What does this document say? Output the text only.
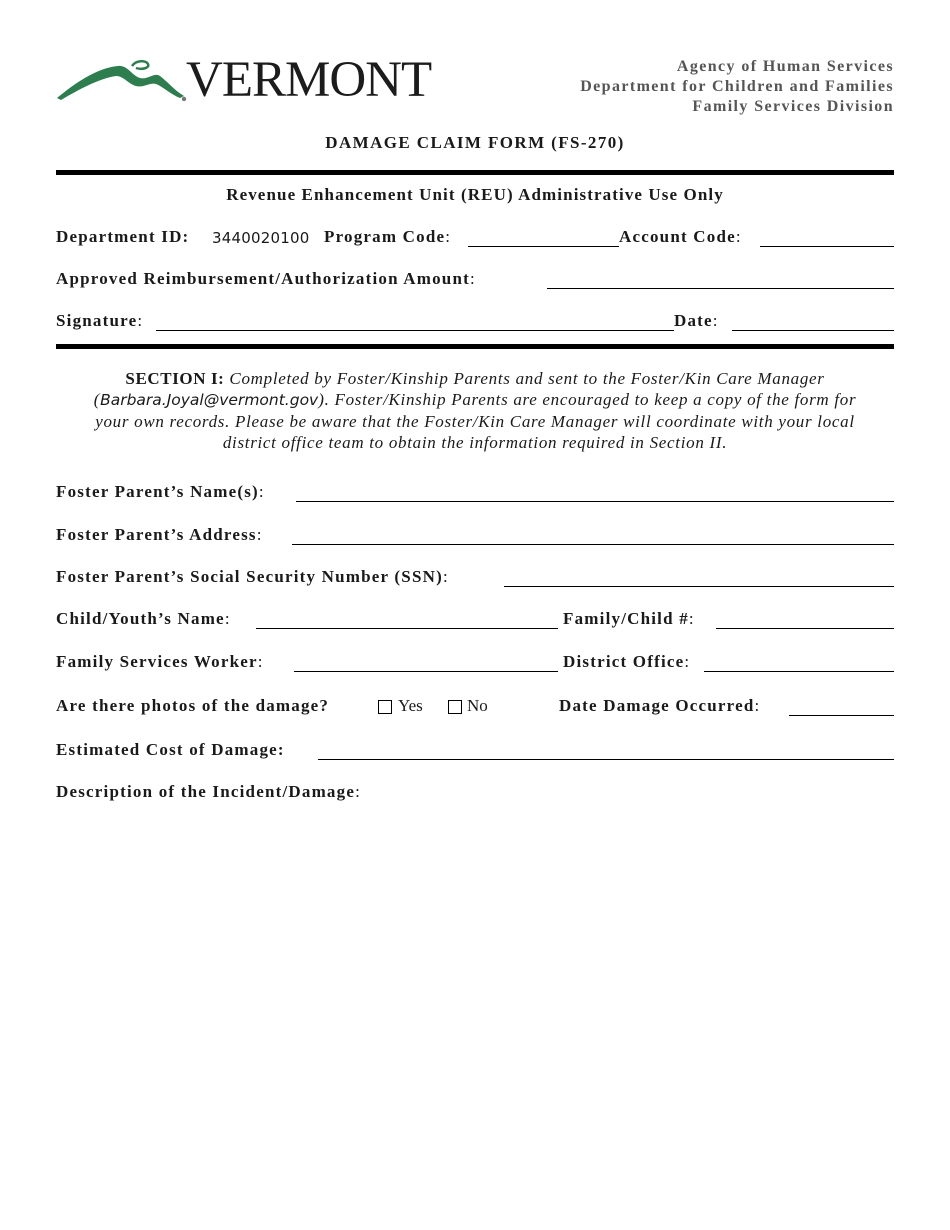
VERMONT	Agency of Human Services
Department for Children and Families
Family Services Division
DAMAGE CLAIM FORM (FS-270)
Revenue Enhancement Unit (REU) Administrative Use Only
Department ID: 3440020100 Program Code:	Account Code:
Approved Reimbursement/Authorization Amount:
Signature:	Date:
SECTION I: Completed by Foster/Kinship Parents and sent to the Foster/Kin Care Manager (Barbara.Joyal@vermont.gov). Foster/Kinship Parents are encouraged to keep a copy of the form for your own records. Please be aware that the Foster/Kin Care Manager will coordinate with your local district office team to obtain the information required in Section II.
Foster Parent’s Name(s):
Foster Parent’s Address:
Foster Parent’s Social Security Number (SSN):
Child/Youth’s Name:	Family/Child #:
Family Services Worker:	District Office:
Are there photos of the damage?	Yes	No	Date Damage Occurred:
Estimated Cost of Damage:
Description of the Incident/Damage:
